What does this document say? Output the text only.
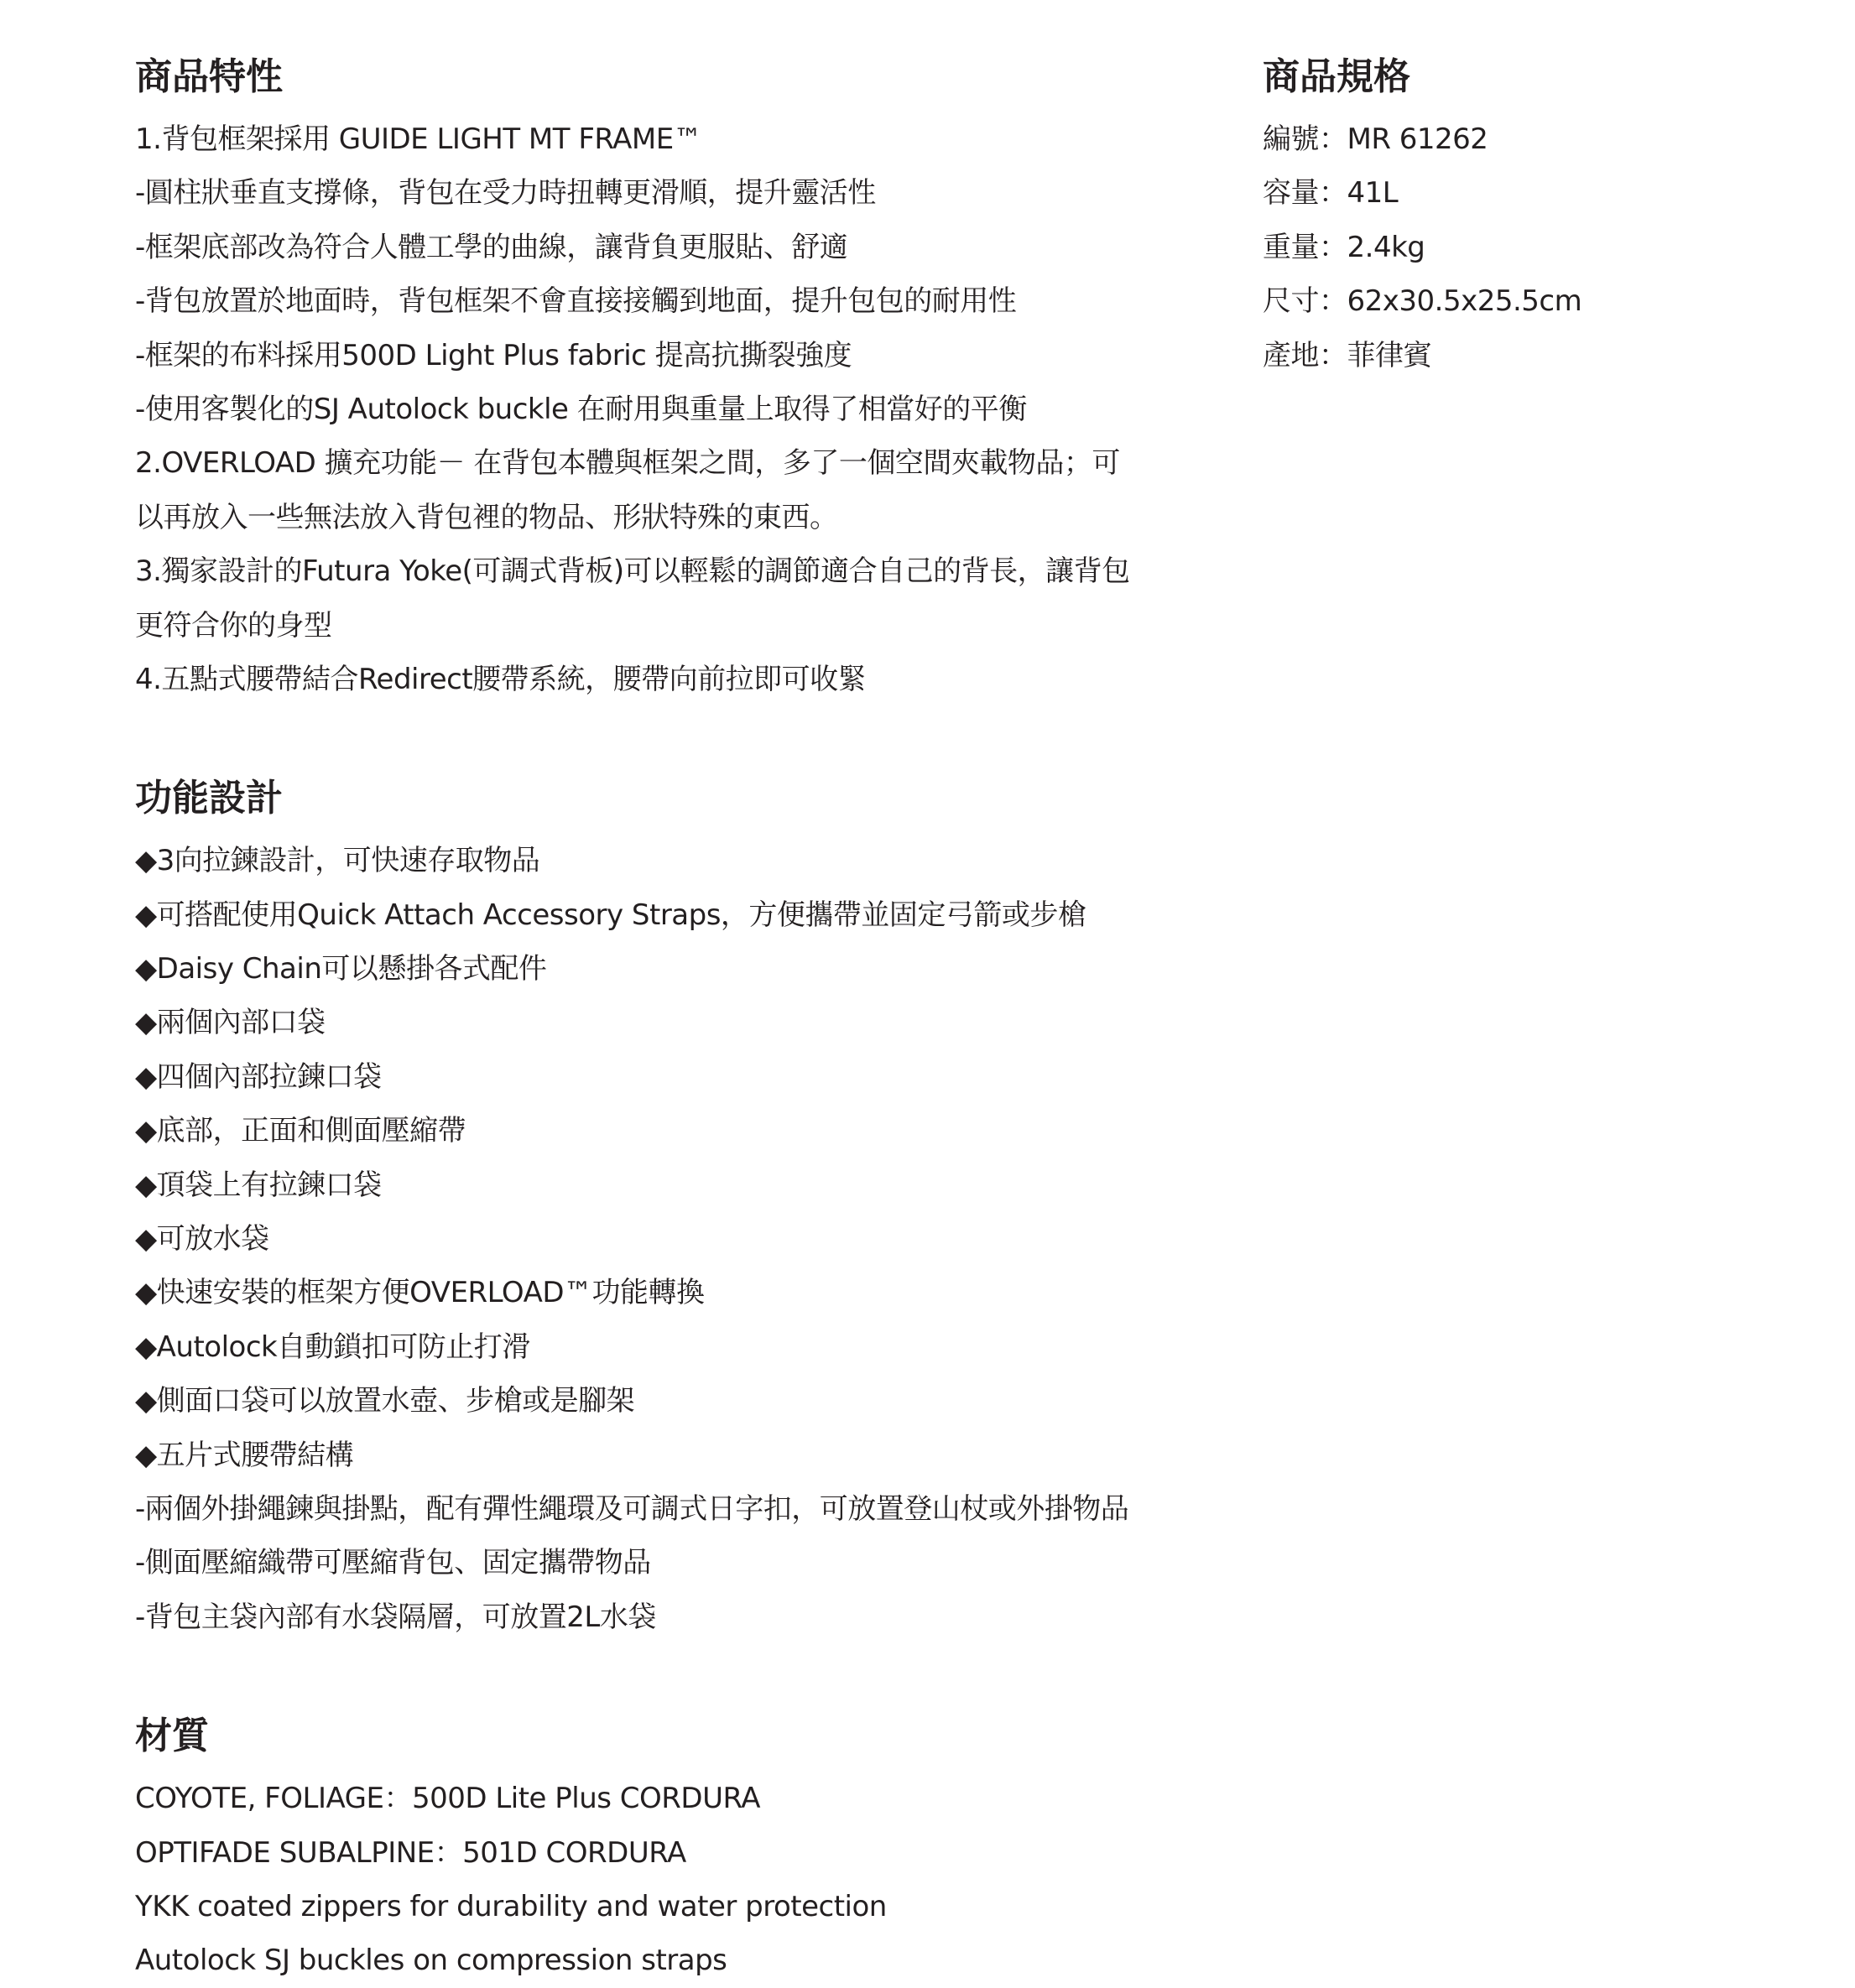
商品特性
1.背包框架採用 GUIDE LIGHT MT FRAME™
-圓柱狀垂直支撐條，背包在受力時扭轉更滑順，提升靈活性
-框架底部改為符合人體工學的曲線，讓背負更服貼、舒適
-背包放置於地面時，背包框架不會直接接觸到地面，提升包包的耐用性
-框架的布料採用500D Light Plus fabric 提高抗撕裂強度
-使用客製化的SJ Autolock buckle 在耐用與重量上取得了相當好的平衡
2.OVERLOAD 擴充功能－ 在背包本體與框架之間，多了一個空間夾載物品；可
以再放入一些無法放入背包裡的物品、形狀特殊的東西。
3.獨家設計的Futura Yoke(可調式背板)可以輕鬆的調節適合自己的背長，讓背包
更符合你的身型
4.五點式腰帶結合Redirect腰帶系統，腰帶向前拉即可收緊
功能設計
◆3向拉鍊設計，可快速存取物品
◆可搭配使用Quick Attach Accessory Straps，方便攜帶並固定弓箭或步槍
◆Daisy Chain可以懸掛各式配件
◆兩個內部口袋
◆四個內部拉鍊口袋
◆底部，正面和側面壓縮帶
◆頂袋上有拉鍊口袋
◆可放水袋
◆快速安裝的框架方便OVERLOAD™功能轉換
◆Autolock自動鎖扣可防止打滑
◆側面口袋可以放置水壺、步槍或是腳架
◆五片式腰帶結構
-兩個外掛繩鍊與掛點，配有彈性繩環及可調式日字扣，可放置登山杖或外掛物品
-側面壓縮織帶可壓縮背包、固定攜帶物品
-背包主袋內部有水袋隔層，可放置2L水袋
材質
COYOTE, FOLIAGE：500D Lite Plus CORDURA
OPTIFADE SUBALPINE：501D CORDURA
YKK coated zippers for durability and water protection
Autolock SJ buckles on compression straps
商品規格
編號：MR 61262
容量：41L
重量：2.4kg
尺寸：62x30.5x25.5cm
產地：菲律賓
